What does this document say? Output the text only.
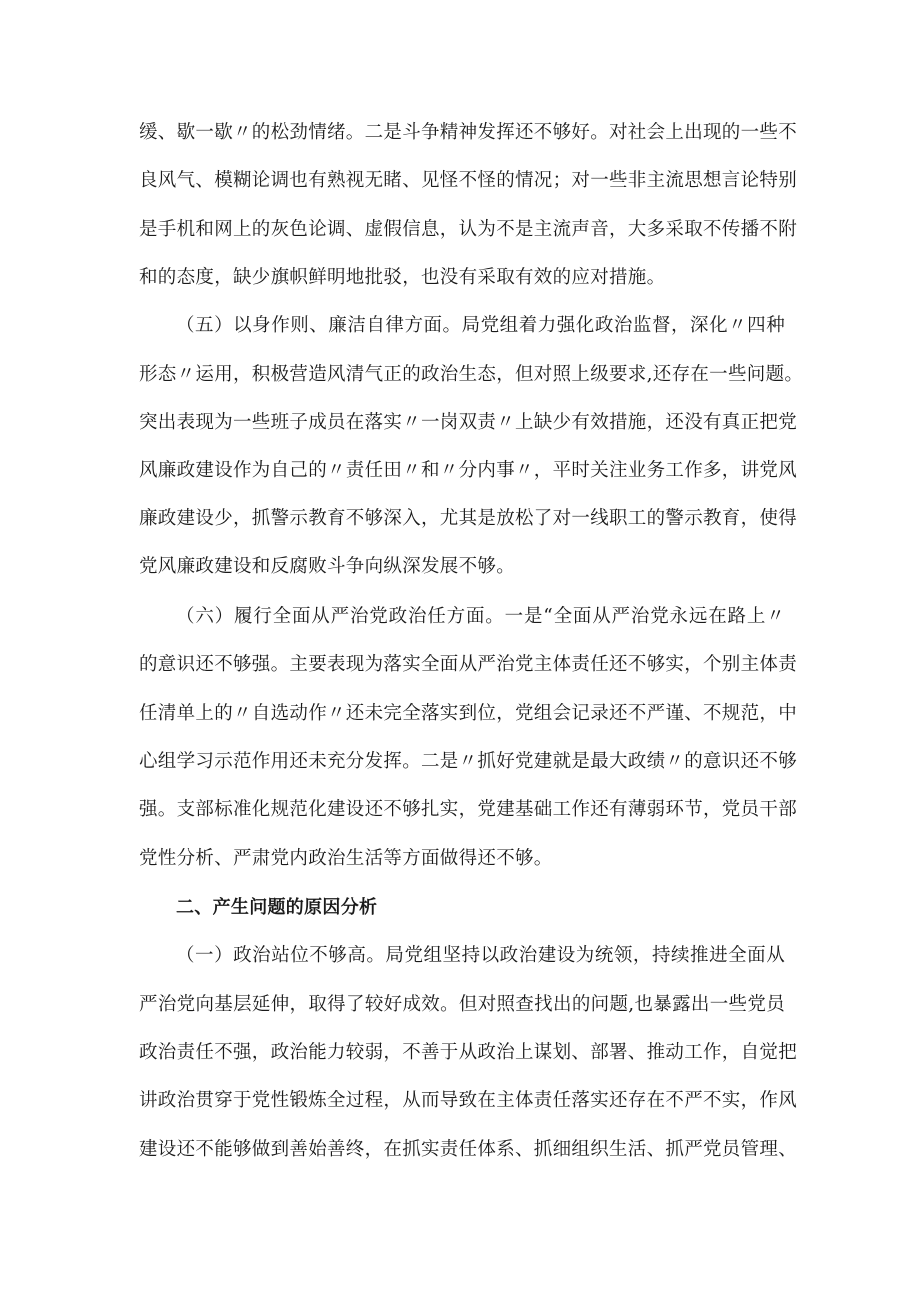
缓、歇一歇〃的松劲情绪。二是斗争精神发挥还不够好。对社会上出现的一些不
良风气、模糊论调也有熟视无睹、见怪不怪的情况；对一些非主流思想言论特别
是手机和网上的灰色论调、虚假信息，认为不是主流声音，大多采取不传播不附
和的态度，缺少旗帜鲜明地批驳，也没有采取有效的应对措施。
（五）以身作则、廉洁自律方面。局党组着力强化政治监督，深化〃四种
形态〃运用，积极营造风清气正的政治生态，但对照上级要求,还存在一些问题。
突出表现为一些班子成员在落实〃一岗双责〃上缺少有效措施，还没有真正把党
风廉政建设作为自己的〃责任田〃和〃分内事〃，平时关注业务工作多，讲党风
廉政建设少，抓警示教育不够深入，尤其是放松了对一线职工的警示教育，使得
党风廉政建设和反腐败斗争向纵深发展不够。
（六）履行全面从严治党政治任方面。一是“全面从严治党永远在路上〃
的意识还不够强。主要表现为落实全面从严治党主体责任还不够实，个别主体责
任清单上的〃自选动作〃还未完全落实到位，党组会记录还不严谨、不规范，中
心组学习示范作用还未充分发挥。二是〃抓好党建就是最大政绩〃的意识还不够
强。支部标准化规范化建设还不够扎实，党建基础工作还有薄弱环节，党员干部
党性分析、严肃党内政治生活等方面做得还不够。
二、产生问题的原因分析
（一）政治站位不够高。局党组坚持以政治建设为统领，持续推进全面从
严治党向基层延伸，取得了较好成效。但对照查找出的问题,也暴露出一些党员
政治责任不强，政治能力较弱，不善于从政治上谋划、部署、推动工作，自觉把
讲政治贯穿于党性锻炼全过程，从而导致在主体责任落实还存在不严不实，作风
建设还不能够做到善始善终，在抓实责任体系、抓细组织生活、抓严党员管理、
